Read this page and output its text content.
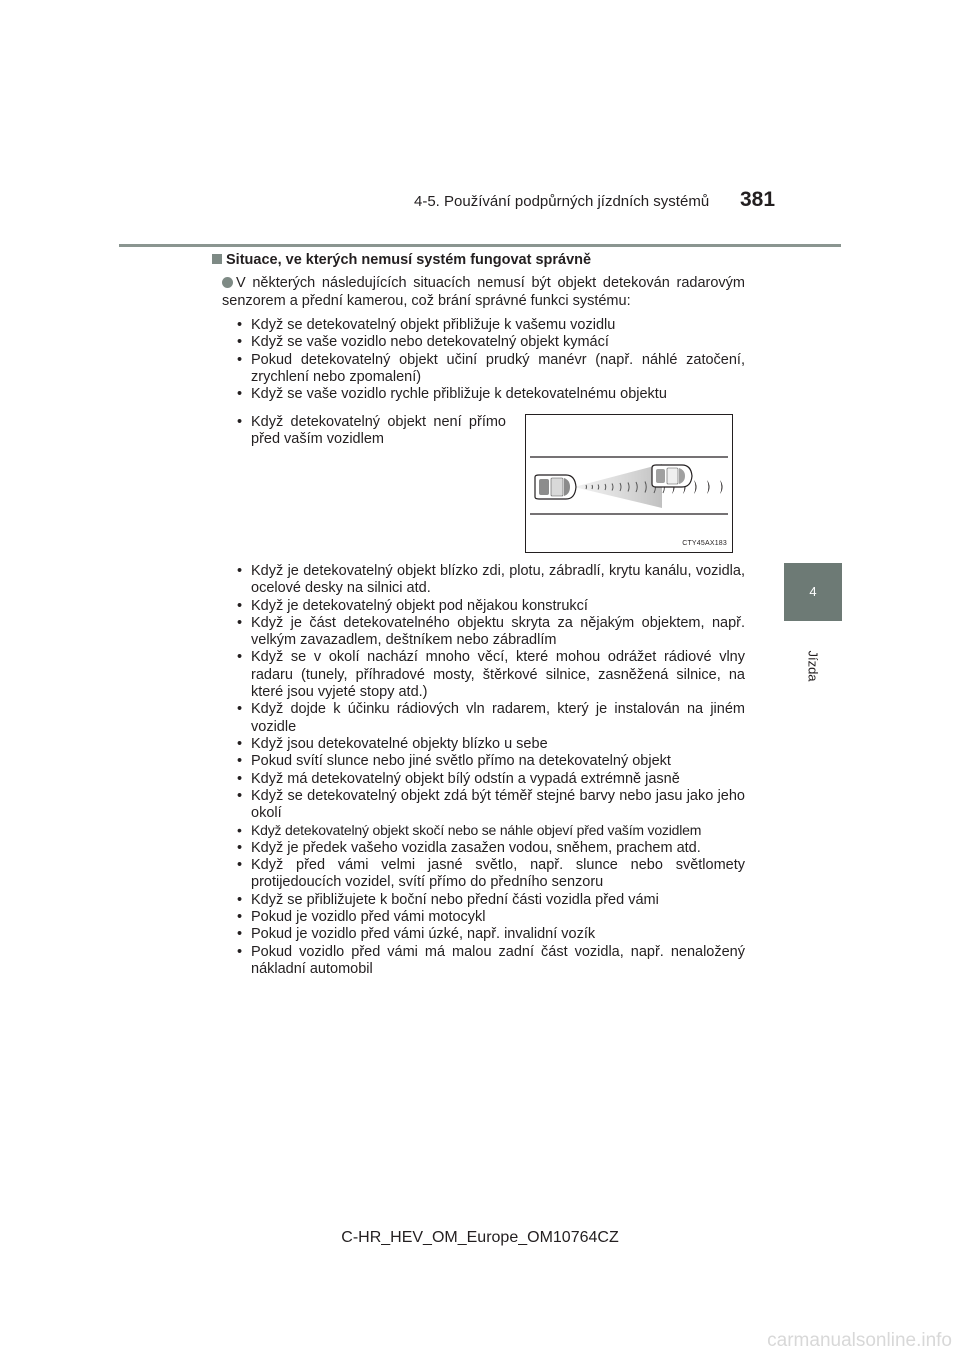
4-5. Používání podpůrných jízdních systémů 381
4
Jízda
Situace, ve kterých nemusí systém fungovat správně
V některých následujících situacích nemusí být objekt detekován radarovým senzorem a přední kamerou, což brání správné funkci systému:
• Když se detekovatelný objekt přibližuje k vašemu vozidlu
• Když se vaše vozidlo nebo detekovatelný objekt kymácí
• Pokud detekovatelný objekt učiní prudký manévr (např. náhlé zatočení, zrychlení nebo zpomalení)
• Když se vaše vozidlo rychle přibližuje k detekovatelnému objektu
• Když detekovatelný objekt není přímo před vaším vozidlem
CTY45AX183
• Když je detekovatelný objekt blízko zdi, plotu, zábradlí, krytu kanálu, vozidla, ocelové desky na silnici atd.
• Když je detekovatelný objekt pod nějakou konstrukcí
• Když je část detekovatelného objektu skryta za nějakým objektem, např. velkým zavazadlem, deštníkem nebo zábradlím
• Když se v okolí nachází mnoho věcí, které mohou odrážet rádiové vlny radaru (tunely, příhradové mosty, štěrkové silnice, zasněžená silnice, na které jsou vyjeté stopy atd.)
• Když dojde k účinku rádiových vln radarem, který je instalován na jiném vozidle
• Když jsou detekovatelné objekty blízko u sebe
• Pokud svítí slunce nebo jiné světlo přímo na detekovatelný objekt
• Když má detekovatelný objekt bílý odstín a vypadá extrémně jasně
• Když se detekovatelný objekt zdá být téměř stejné barvy nebo jasu jako jeho okolí
• Když detekovatelný objekt skočí nebo se náhle objeví před vaším vozidlem
• Když je předek vašeho vozidla zasažen vodou, sněhem, prachem atd.
• Když před vámi velmi jasné světlo, např. slunce nebo světlomety protijedoucích vozidel, svítí přímo do předního senzoru
• Když se přibližujete k boční nebo přední části vozidla před vámi
• Pokud je vozidlo před vámi motocykl
• Pokud je vozidlo před vámi úzké, např. invalidní vozík
• Pokud vozidlo před vámi má malou zadní část vozidla, např. nenaložený nákladní automobil
C-HR_HEV_OM_Europe_OM10764CZ
carmanualsonline.info
